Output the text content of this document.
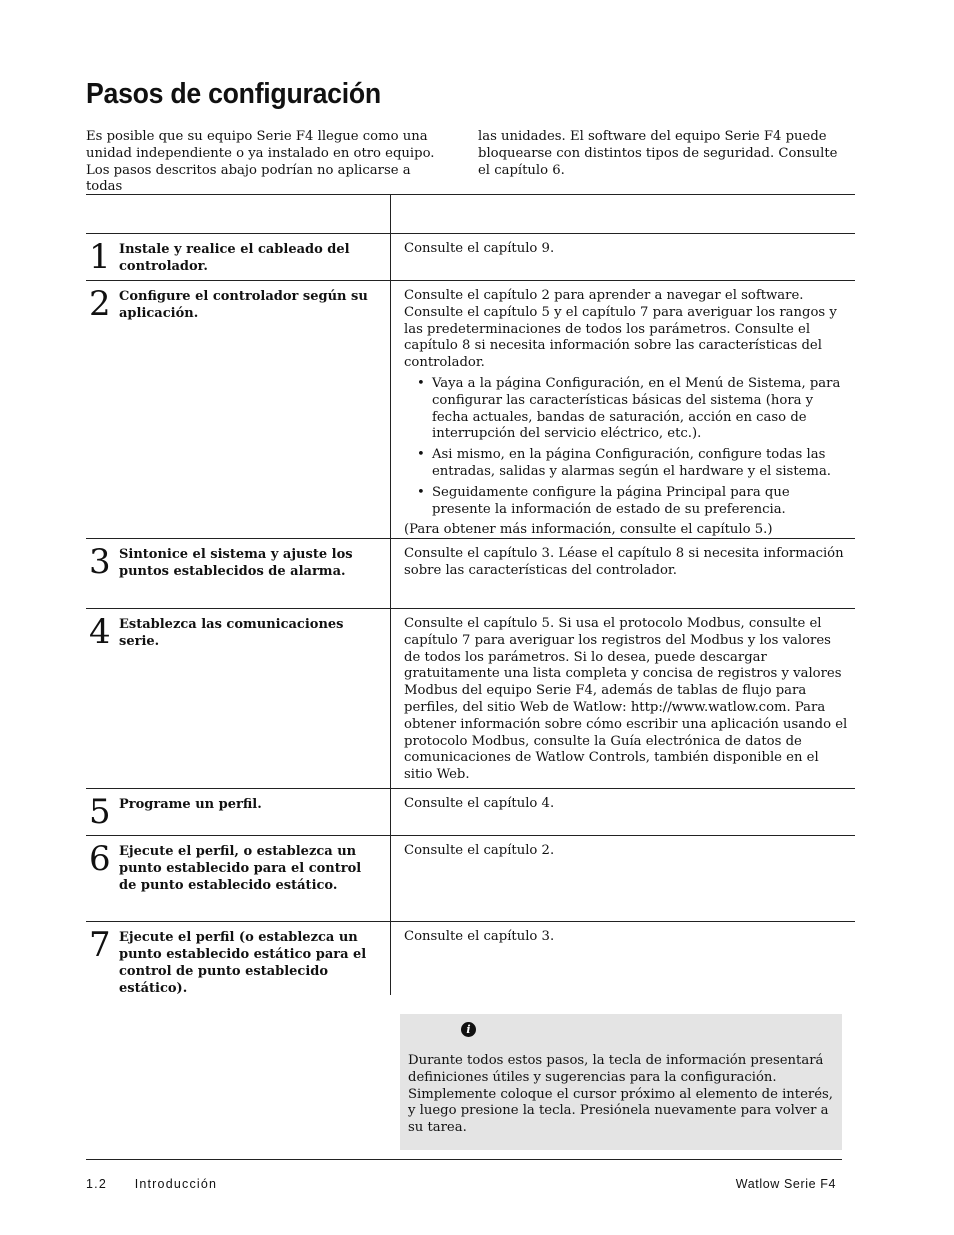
Pasos de configuración
Es posible que su equipo Serie F4 llegue como una unidad independiente o ya instalado en otro equipo. Los pasos descritos abajo podrían no aplicarse a todas
las unidades. El software del equipo Serie F4 puede bloquearse con distintos tipos de seguridad. Consulte el capítulo 6.
1 Instale y realice el cableado del controlador.

Consulte el capítulo 9.

2 Configure el controlador según su aplicación.

Consulte el capítulo 2 para aprender a navegar el software. Consulte el capítulo 5 y el capítulo 7 para averiguar los rangos y las predeterminaciones de todos los parámetros. Consulte el capítulo 8 si necesita información sobre las características del controlador.

• Vaya a la página Configuración, en el Menú de Sistema, para configurar las características básicas del sistema (hora y fecha actuales, bandas de saturación, acción en caso de interrupción del servicio eléctrico, etc.).
• Asi mismo, en la página Configuración, configure todas las entradas, salidas y alarmas según el hardware y el sistema.
• Seguidamente configure la página Principal para que presente la información de estado de su preferencia.

(Para obtener más información, consulte el capítulo 5.)

3 Sintonice el sistema y ajuste los puntos establecidos de alarma.

Consulte el capítulo 3. Léase el capítulo 8 si necesita información sobre las características del controlador.

4 Establezca las comunicaciones serie.

Consulte el capítulo 5. Si usa el protocolo Modbus, consulte el capítulo 7 para averiguar los registros del Modbus y los valores de todos los parámetros. Si lo desea, puede descargar gratuitamente una lista completa y concisa de registros y valores Modbus del equipo Serie F4, además de tablas de flujo para perfiles, del sitio Web de Watlow: http://www.watlow.com. Para obtener información sobre cómo escribir una aplicación usando el protocolo Modbus, consulte la Guía electrónica de datos de comunicaciones de Watlow Controls, también disponible en el sitio Web.

5 Programe un perfil.	Consulte el capítulo 4.

6 Ejecute el perfil, o establezca un punto establecido para el control de punto establecido estático.

Consulte el capítulo 2.

7 Ejecute el perfil (o establezca un punto establecido estático para el control de punto establecido estático).

Consulte el capítulo 3.

i
Durante todos estos pasos, la tecla de información presentará definiciones útiles y sugerencias para la configuración. Simplemente coloque el cursor próximo al elemento de interés, y luego presione la tecla. Presiónela nuevamente para volver a su tarea.
1.2 Introducción	Watlow Serie F4
